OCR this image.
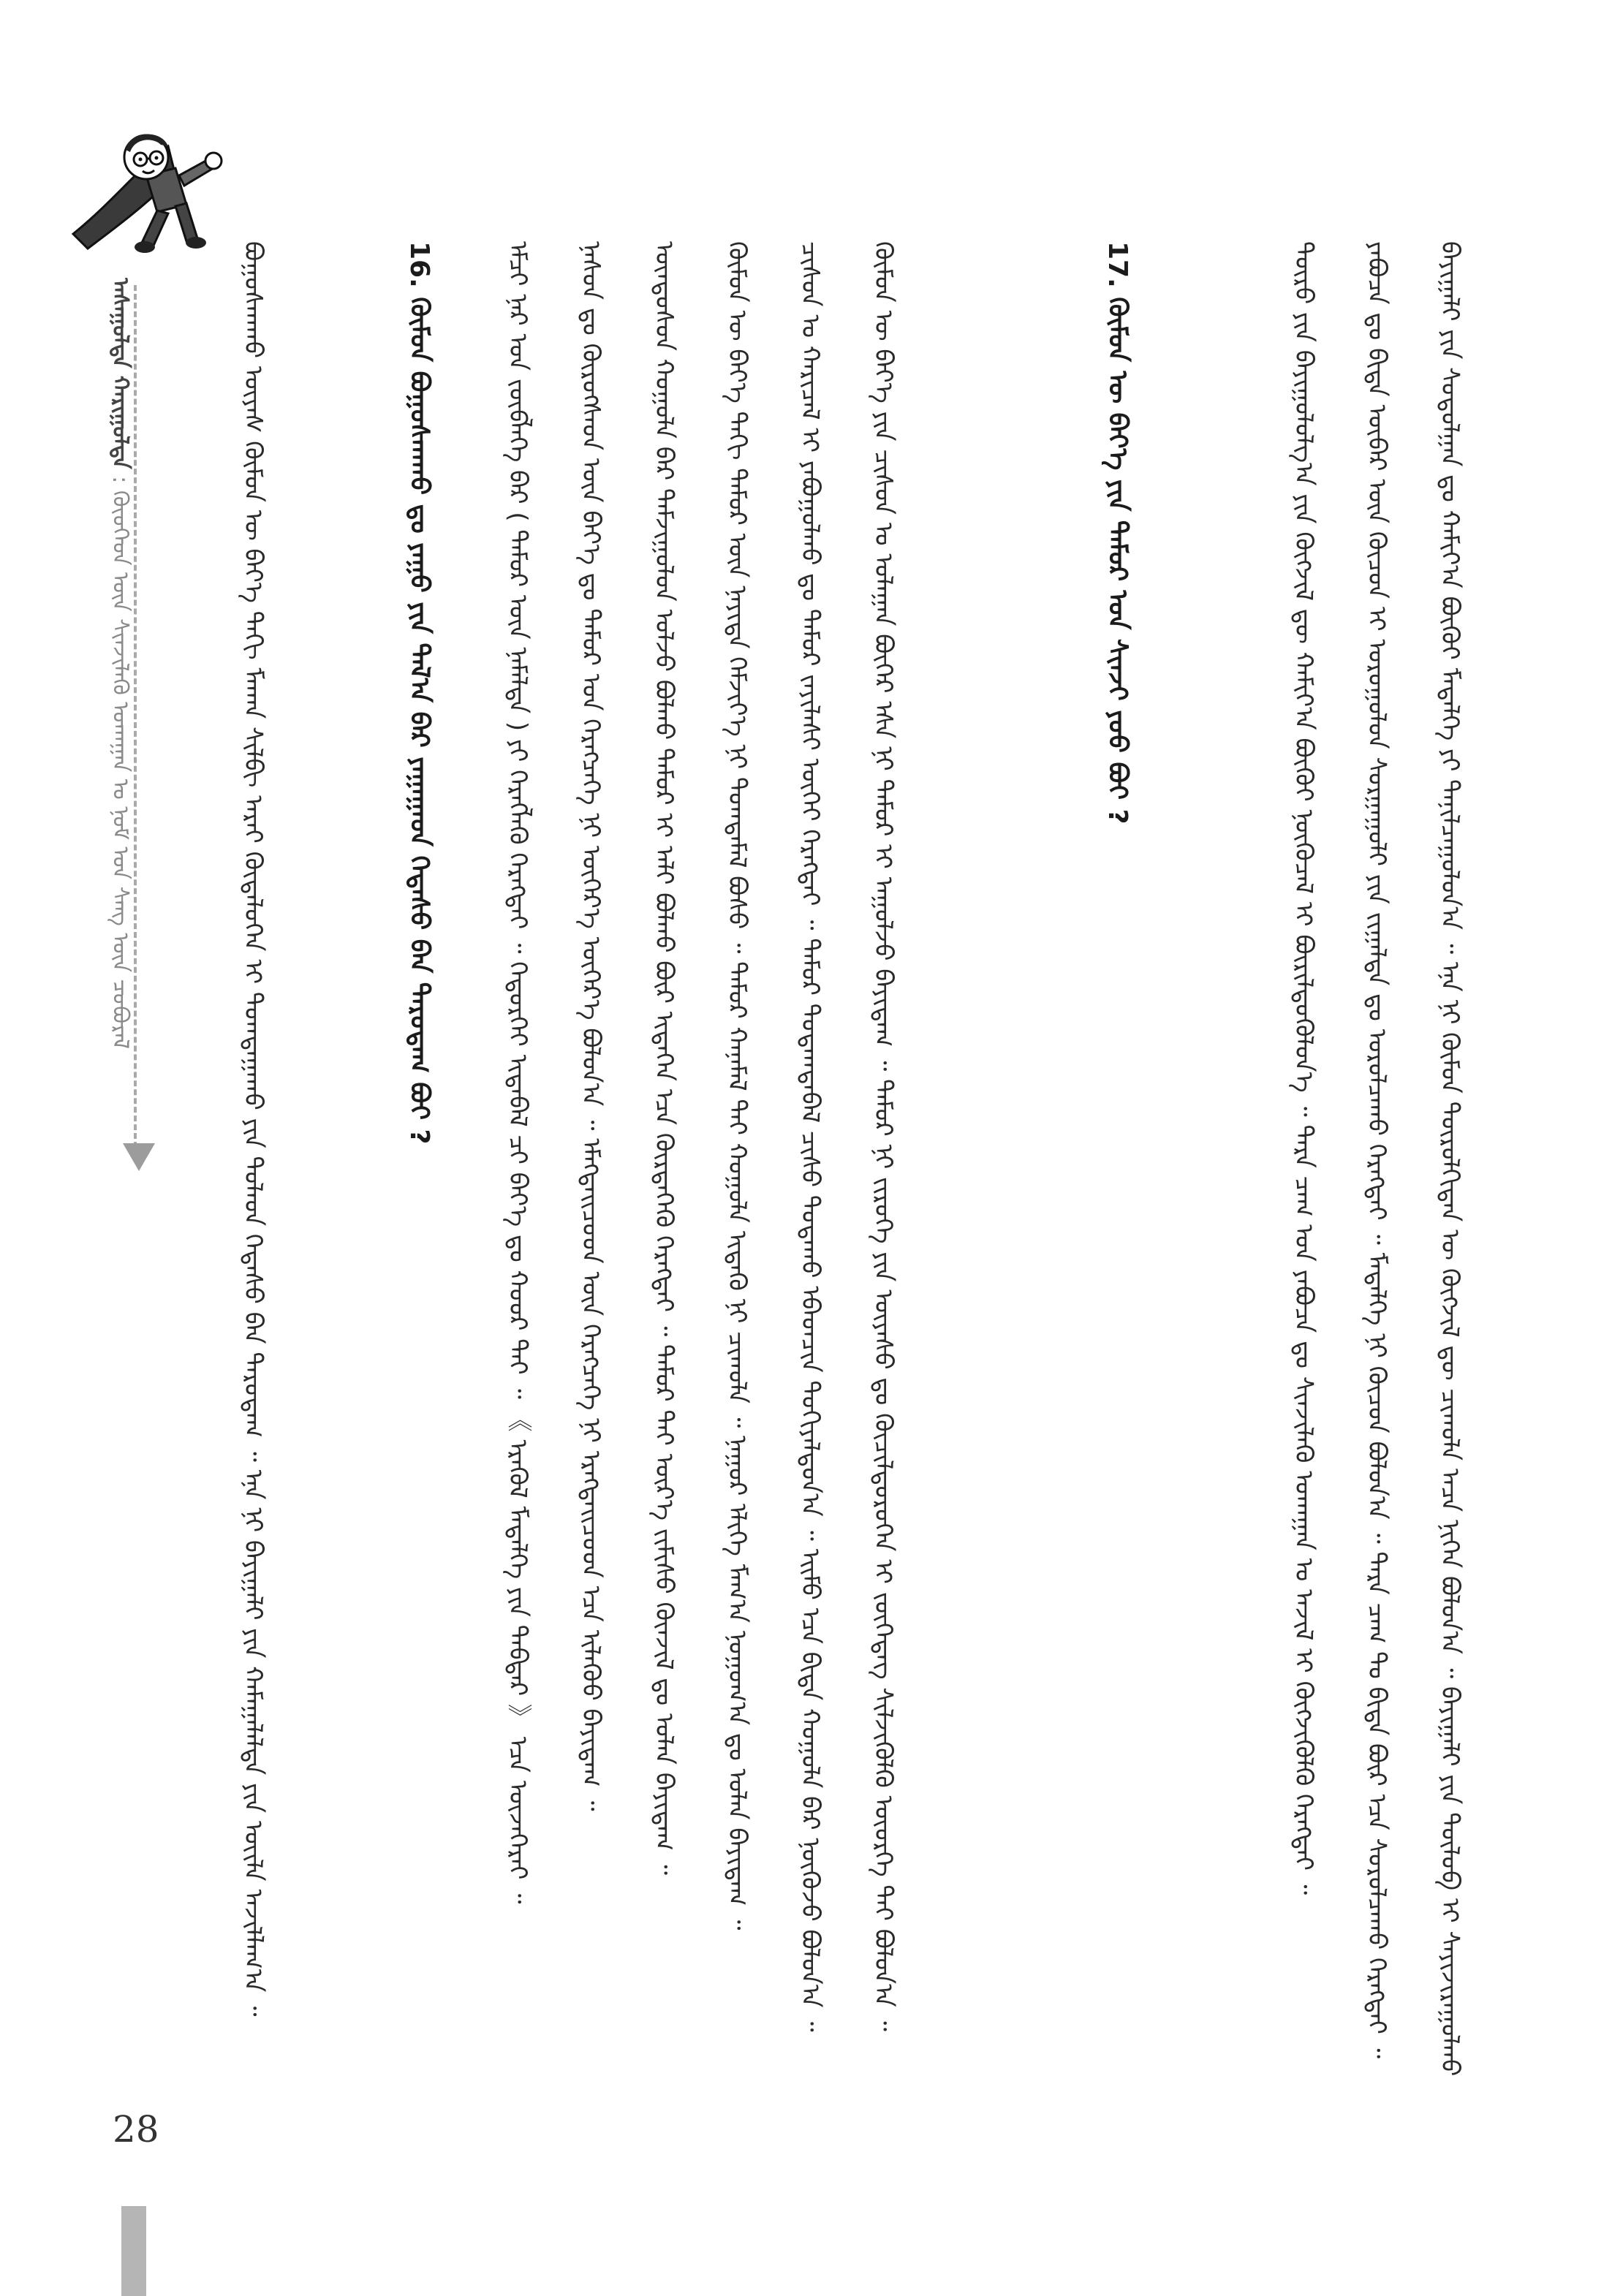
ᠠᠰᠠᠭᠤᠯᠲᠠ ᠬᠠᠷᠢᠭᠤᠯᠲᠠ : ᠬᠦᠦᠬᠡᠳ ᠦᠨ ᠰᠢᠨᠵᠢᠯᠡᠬᠦ ᠤᠬᠠᠭᠠᠨ ᠤ ᠨᠣᠮ ᠤᠨ ᠰᠠᠩ ᠦᠨ ᠴᠤᠪᠤᠷᠠᠯ	ᠪᠣᠭᠣᠰᠬᠠᠬᠤ ᠦᠶᠡᠰ ᠬᠦᠮᠦᠨ ᠦ ᠪᠡᠶ᠎ᠡ ᠳᠡᠬᠢ ᠮᠠᠬᠠᠨ ᠰᠢᠯᠪᠢ ᠠᠷᠠᠢ ᠬᠥᠳᠡᠯᠦᠭᠡᠨ ᠢ ᠲᠣᠭᠲᠠᠭᠠᠬᠤ ᠶᠢᠨ ᠲᠤᠯᠠᠳ ᠭᠡᠳᠡᠰᠦ ᠪᠠᠨ ᠳᠠᠷᠤᠳᠠᠭ ᠃ ᠡᠨᠡ ᠨᠢ ᠪᠠᠶᠢᠭᠠᠯᠢ ᠶᠢᠨ ᠬᠠᠮᠠᠭᠠᠯᠠᠯᠲᠠ ᠶᠢᠨ ᠦᠢᠯᠡ ᠠᠵᠢᠯᠯᠠᠭ᠎ᠠ ᠃	16. ᠬᠦᠮᠦᠨ ᠪᠣᠭᠣᠰᠬᠠᠬᠤ ᠳᠤ ᠶᠠᠭᠤ ᠶᠢᠨ ᠲᠠᠯ᠎ᠠ ᠪᠠᠷ ᠶᠠᠭᠠᠭᠠᠳ ᠭᠡᠳᠡᠰᠦ ᠪᠠᠨ ᠳᠠᠷᠤᠳᠠᠭ ᠪᠤᠢ ?	ᠡᠮᠴᠢ ᠨᠠᠷ ᠤᠨ ᠵᠥᠪᠯᠡᠭᠡ ᠪᠠᠷ ( ᠲᠡᠮᠦᠷ ᠦᠨ ᠨᠡᠮᠡᠯᠲᠡ ) ᠶᠢ ᠬᠡᠷᠡᠭᠯᠡᠬᠦ ᠬᠡᠷᠡᠭᠲᠡᠢ ᠃ ᠬᠡᠲᠦᠷᠬᠡᠢ ᠢᠳᠡᠪᠡᠯ ᠴᠢ ᠪᠡᠶ᠎ᠡ ᠳᠤ ᠬᠣᠣᠷ ᠲᠠᠢ ᠃ 《 ᠡᠷᠡᠭᠦᠯ ᠮᠡᠳᠡᠯᠭᠡ ᠶᠢᠨ ᠳᠡᠪᠲᠡᠷ 》 ᠡᠴᠡ ᠦᠵᠡᠭᠡᠷᠡᠢ ᠃ ᠨᠠᠰᠤᠨ ᠳᠤ ᠬᠦᠷᠦᠭᠰᠡᠳ ᠦᠨ ᠪᠡᠶ᠎ᠡ ᠳᠤ ᠲᠡᠮᠦᠷ ᠤᠨ ᠬᠡᠷᠡᠭᠴᠡᠭᠡ ᠨᠢ ᠥᠭᠡᠷ᠎ᠡ ᠥᠭᠡᠷ᠎ᠡ ᠪᠣᠯᠤᠨ᠎ᠠ ᠃ ᠡᠮᠡᠭᠲᠡᠢᠴᠦᠳ ᠦᠨ ᠬᠡᠷᠡᠭᠴᠡᠭᠡ ᠨᠢ ᠡᠷᠡᠭᠲᠡᠢᠴᠦᠳ ᠡᠴᠡ ᠢᠯᠡᠭᠦᠦ ᠪᠠᠶᠢᠳᠠᠭ ᠃ ᠦᠨᠳᠦᠰᠦᠨ ᠬᠣᠭᠣᠯᠠ ᠪᠠᠷ ᠳᠠᠮᠵᠢᠭᠤᠯᠤᠨ ᠣᠯᠵᠤ ᠪᠣᠯᠬᠤ ᠲᠡᠮᠦᠷ ᠢ ᠠᠯᠢ ᠪᠣᠯᠬᠤ ᠪᠦᠷ ᠢᠳᠡᠭᠡᠨ ᠡᠴᠡ ᠬᠦᠷᠲᠡᠭᠡᠬᠦ ᠬᠡᠷᠡᠭᠲᠡᠢ ᠃ ᠲᠡᠮᠦᠷ ᠲᠡᠢ ᠦᠷ᠎ᠡ ᠵᠢᠮᠢᠰᠦ ᠬᠦᠨᠵᠢᠯ ᠳᠤ ᠣᠯᠠᠨ ᠪᠠᠶᠢᠳᠠᠭ ᠃ ᠬᠦᠮᠦᠨ ᠦ ᠪᠡᠶ᠎ᠡ ᠳᠡᠬᠢ ᠲᠡᠮᠦᠷ ᠦᠨ ᠨᠡᠶᠢᠲᠡ ᠬᠡᠮᠵᠢᠶ᠎ᠡ ᠨᠢ ᠲᠣᠭᠲᠠᠮᠠᠯ ᠪᠤᠰᠤ ᠃ ᠲᠡᠮᠦᠷ ᠬᠠᠨᠠᠮᠠᠯ ᠲᠡᠢ ᠬᠣᠭᠣᠯᠠ ᠢᠳᠡᠬᠦ ᠨᠢ ᠴᠢᠬᠤᠯᠠ ᠃ ᠨᠠᠭᠤᠷ ᠡᠯᠢᠭᠡ ᠮᠠᠬ᠎ᠠ ᠨᠣᠭᠣᠭ᠎ᠠ ᠳᠤ ᠣᠯᠠᠨ ᠪᠠᠶᠢᠳᠠᠭ ᠃ ᠴᠢᠰᠤᠨ ᠤ ᠬᠠᠷᠢᠴᠠᠯ ᠢ ᠶᠠᠪᠤᠭᠤᠯᠬᠤ ᠳᠤ ᠲᠡᠮᠦᠷ ᠵᠠᠶᠢᠯᠠᠰᠢ ᠦᠭᠡᠢ ᠬᠡᠷᠡᠭᠲᠡᠢ ᠃ ᠲᠡᠮᠦᠷ ᠳᠤᠲᠠᠭᠳᠠᠪᠠᠯ ᠴᠢᠰᠤ ᠳᠤᠲᠠᠬᠤ ᠡᠪᠡᠳᠴᠢᠨ ᠲᠤᠬᠢᠶᠠᠯᠳᠤᠨ᠎ᠠ ᠃ ᠡᠢᠮᠦ ᠡᠴᠡ ᠪᠢᠳᠡ ᠬᠣᠭᠣᠯᠠ ᠪᠠᠷ ᠨᠥᠬᠥᠵᠦ ᠪᠣᠯᠤᠨ᠎ᠠ ᠃ ᠬᠦᠮᠦᠨ ᠦ ᠪᠡᠶ᠎ᠡ ᠶᠢᠨ ᠴᠢᠰᠤᠨ ᠤ ᠤᠯᠠᠭᠠᠨ ᠪᠥᠭᠡᠷ ᠡᠰᠡ ᠨᠢ ᠲᠡᠮᠦᠷ ᠢ ᠠᠭᠤᠯᠵᠤ ᠪᠠᠶᠢᠳᠠᠭ ᠃ ᠲᠡᠮᠦᠷ ᠨᠢ ᠵᠢᠷᠦᠬᠡ ᠶᠢᠨ ᠦᠶᠡᠰᠦ ᠳᠤ ᠬᠦᠴᠢᠯᠲᠦᠷᠦᠭᠡᠨ ᠢ ᠵᠥᠭᠡᠳᠡᠭ ᠰᠢᠯᠵᠢᠭᠦᠯᠬᠦ ᠦᠦᠷᠭᠡ ᠲᠡᠢ ᠪᠣᠯᠤᠨ᠎ᠠ ᠃	17. ᠬᠦᠮᠦᠨ ᠦ ᠪᠡᠶ᠎ᠡ ᠶᠢᠨ ᠲᠡᠮᠦᠷ ᠤᠨ ᠰᠢᠨᠵᠢ ᠶᠤᠤ ᠪᠤᠢ ?	ᠲᠥᠷᠦ ᠶᠢᠨ ᠪᠠᠶᠢᠭᠤᠯᠤᠯᠭ᠎ᠠ ᠶᠢᠨ ᠬᠥᠭᠵᠢᠯ ᠳᠦ ᠬᠠᠮᠢᠶ᠎ᠠ ᠪᠦᠬᠦᠢ ᠨᠥᠬᠦᠴᠡᠯ ᠢ ᠪᠦᠷᠢᠯᠳᠦᠭᠦᠯᠦᠨ᠎ᠡ ᠃ ᠲᠡᠷᠡ ᠴᠠᠭ ᠤᠨ ᠶᠠᠪᠤᠴᠠ ᠳᠤ ᠰᠢᠨᠵᠢᠯᠡᠬᠦ ᠤᠬᠠᠭᠠᠨ ᠤ ᠠᠵᠢᠯ ᠢ ᠬᠥᠭᠵᠢᠭᠦᠯᠬᠦ ᠬᠡᠷᠡᠭᠲᠡᠢ ᠃ ᠶᠠᠪᠤᠴᠠ ᠳᠤ ᠪᠢᠳᠡ ᠥᠪᠡᠷ ᠦᠨ ᠬᠦᠴᠦᠨ ᠢ ᠣᠷᠤᠭᠤᠯᠤᠨ ᠰᠤᠷᠭᠠᠭᠤᠯᠢ ᠶᠢᠨ ᠵᠢᠭᠠᠯᠲᠠ ᠳᠤ ᠣᠷᠣᠯᠴᠠᠬᠤ ᠬᠡᠷᠡᠭᠲᠡᠢ ᠃ ᠮᠡᠳᠡᠯᠭᠡ ᠨᠢ ᠬᠦᠴᠦᠨ ᠪᠣᠯᠤᠨ᠎ᠠ ᠃ ᠲᠡᠷᠡ ᠴᠠᠭ ᠲᠤ ᠪᠢᠳᠡ ᠪᠦᠷ ᠡᠴᠡ ᠰᠤᠷᠤᠯᠴᠠᠬᠤ ᠬᠡᠷᠡᠭᠲᠡᠢ ᠃ ᠪᠠᠶᠢᠭᠠᠯᠢ ᠶᠢᠨ ᠰᠤᠳᠤᠯᠭᠠᠨ ᠳᠤ ᠬᠠᠮᠢᠶ᠎ᠠ ᠪᠦᠬᠦᠢ ᠮᠡᠳᠡᠯᠭᠡ ᠶᠢ ᠲᠠᠨᠢᠯᠴᠠᠭᠤᠯᠤᠨ᠎ᠠ ᠃ ᠡᠨᠡ ᠨᠢ ᠬᠦᠮᠦᠨ ᠲᠥᠷᠦᠯᠬᠢᠲᠡᠨ ᠦ ᠬᠥᠭᠵᠢᠯ ᠳᠦ ᠴᠢᠬᠤᠯᠠ ᠠᠴᠠ ᠨᠢᠭᠡᠨ ᠪᠣᠯᠤᠨ᠎ᠠ ᠃ ᠪᠠᠶᠢᠭᠠᠯᠢ ᠶᠢᠨ ᠲᠥᠯᠦᠪ ᠢ ᠰᠠᠶᠢᠵᠢᠷᠠᠭᠤᠯᠬᠤ
28
